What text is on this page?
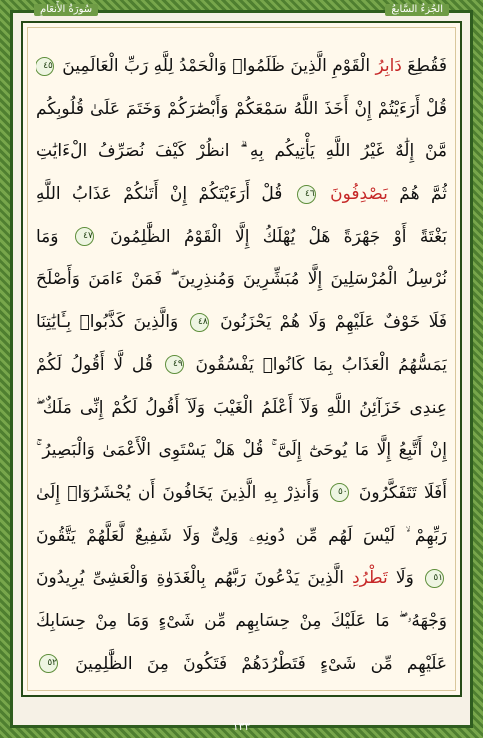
الجُزءُ السَّابعُ
سُورَةُ الأَنعَامِ
فَقُطِعَ دَابِرُ الْقَوْمِ الَّذِينَ ظَلَمُوا۟ وَالْحَمْدُ لِلَّهِ رَبِّ الْعَالَمِينَ ٤٥
قُلْ أَرَءَيْتُمْ إِنْ أَخَذَ اللَّهُ سَمْعَكُمْ وَأَبْصَٰرَكُمْ وَخَتَمَ عَلَىٰ قُلُوبِكُم
مَّنْ إِلَٰهٌ غَيْرُ اللَّهِ يَأْتِيكُم بِهِ ۗ انظُرْ كَيْفَ نُصَرِّفُ الْءَايَٰتِ
ثُمَّ هُمْ يَصْدِفُونَ ٤٦ قُلْ أَرَءَيْتَكُمْ إِنْ أَتَىٰكُمْ عَذَابُ اللَّهِ
بَغْتَةً أَوْ جَهْرَةً هَلْ يُهْلَكُ إِلَّا الْقَوْمُ الظَّٰلِمُونَ ٤٧ وَمَا
نُرْسِلُ الْمُرْسَلِينَ إِلَّا مُبَشِّرِينَ وَمُنذِرِينَ ۖ فَمَنْ ءَامَنَ وَأَصْلَحَ
فَلَا خَوْفٌ عَلَيْهِمْ وَلَا هُمْ يَحْزَنُونَ ٤٨ وَالَّذِينَ كَذَّبُوا۟ بِـَٔايَٰتِنَا
يَمَسُّهُمُ الْعَذَابُ بِمَا كَانُوا۟ يَفْسُقُونَ ٤٩ قُل لَّا أَقُولُ لَكُمْ
عِندِى خَزَآئِنُ اللَّهِ وَلَآ أَعْلَمُ الْغَيْبَ وَلَآ أَقُولُ لَكُمْ إِنِّى مَلَكٌ ۖ
إِنْ أَتَّبِعُ إِلَّا مَا يُوحَىٰٓ إِلَىَّ ۚ قُلْ هَلْ يَسْتَوِى الْأَعْمَىٰ وَالْبَصِيرُ ۚ
أَفَلَا تَتَفَكَّرُونَ ٥٠ وَأَنذِرْ بِهِ الَّذِينَ يَخَافُونَ أَن يُحْشَرُوٓا۟ إِلَىٰ
رَبِّهِمْ ۙ لَيْسَ لَهُم مِّن دُونِهِۦ وَلِىٌّ وَلَا شَفِيعٌ لَّعَلَّهُمْ يَتَّقُونَ
٥١ وَلَا تَطْرُدِ الَّذِينَ يَدْعُونَ رَبَّهُم بِالْغَدَوٰةِ وَالْعَشِىِّ يُرِيدُونَ
وَجْهَهُۥ ۖ مَا عَلَيْكَ مِنْ حِسَابِهِم مِّن شَىْءٍ وَمَا مِنْ حِسَابِكَ
عَلَيْهِم مِّن شَىْءٍ فَتَطْرُدَهُمْ فَتَكُونَ مِنَ الظَّٰلِمِينَ ٥٢
١٣٣
